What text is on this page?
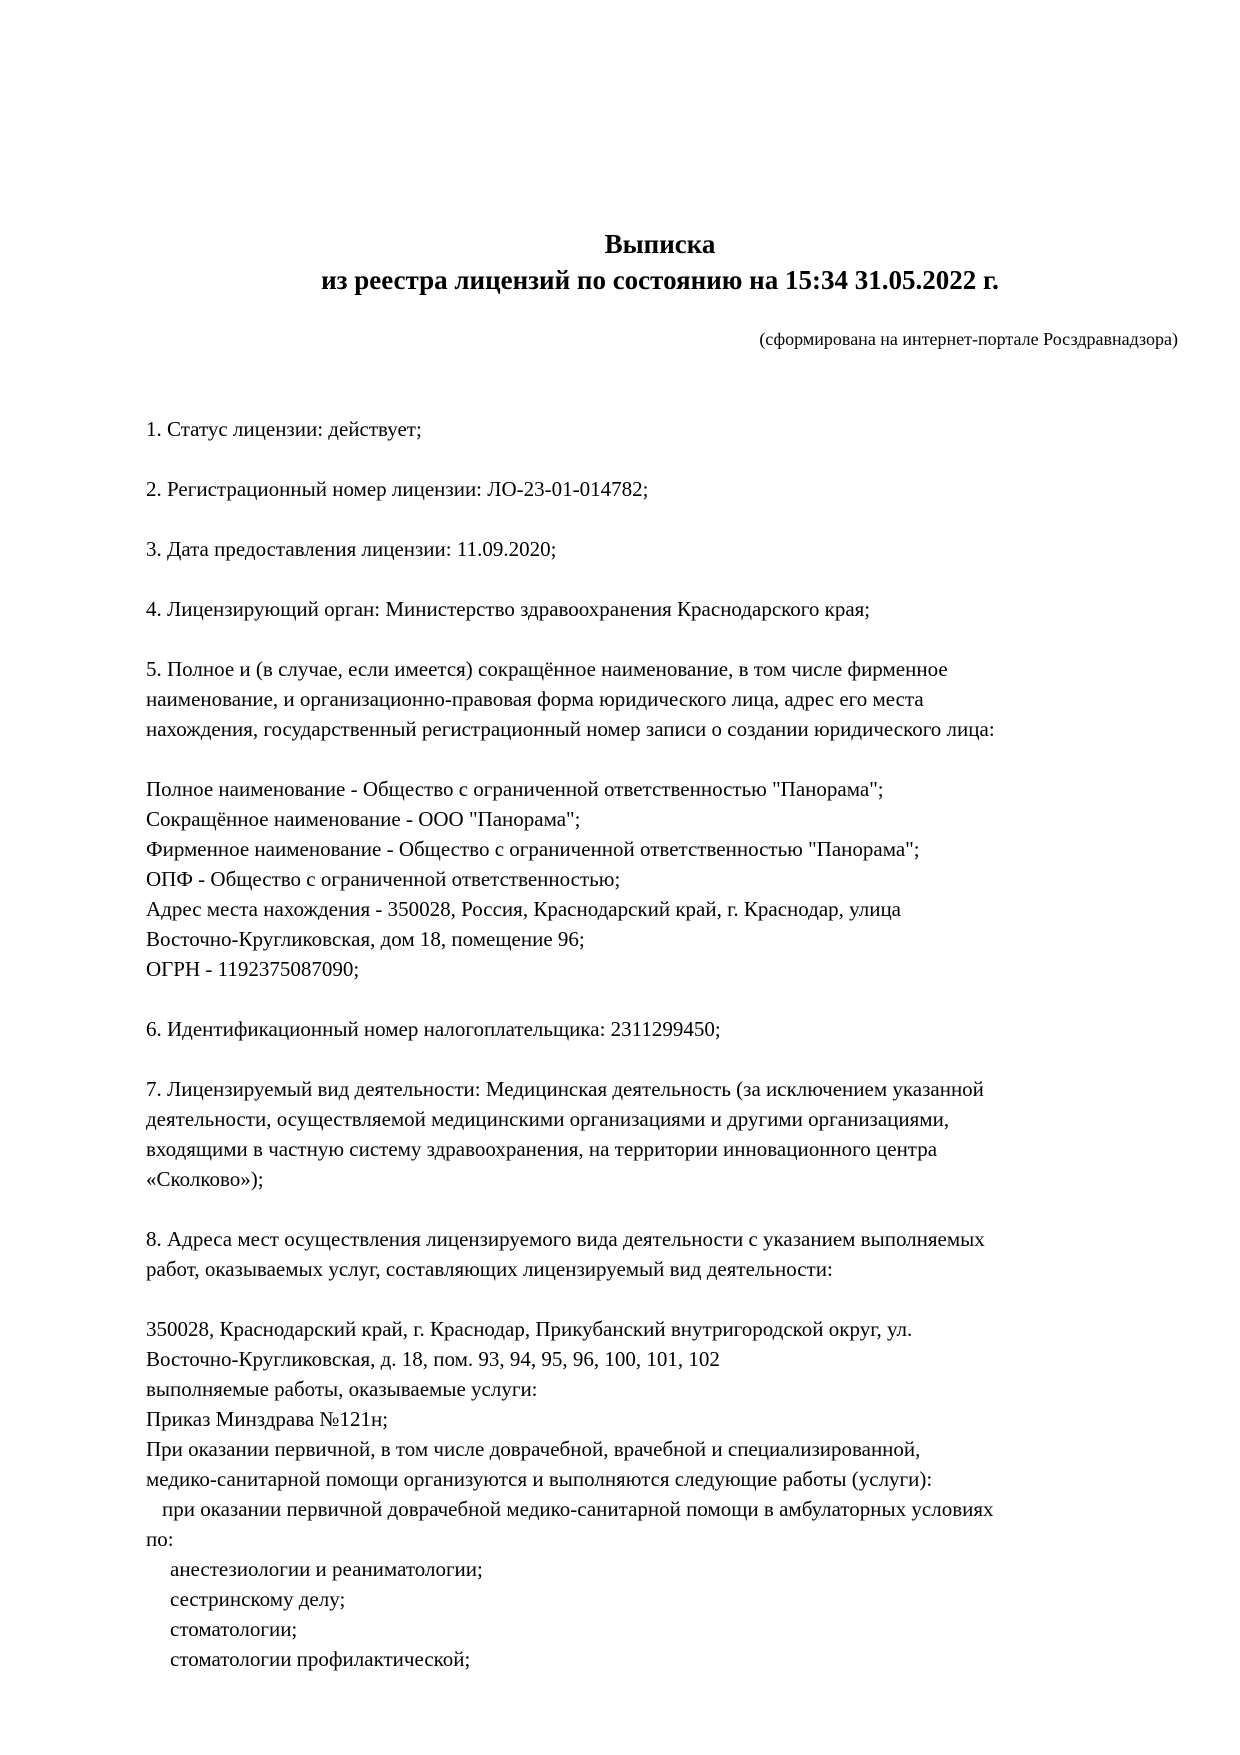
Выписка
из реестра лицензий по состоянию на 15:34 31.05.2022 г.
(сформирована на интернет-портале Росздравнадзора)
1. Статус лицензии: действует;
2. Регистрационный номер лицензии: ЛО-23-01-014782;
3. Дата предоставления лицензии: 11.09.2020;
4. Лицензирующий орган: Министерство здравоохранения Краснодарского края;
5. Полное и (в случае, если имеется) сокращённое наименование, в том числе фирменное
наименование, и организационно-правовая форма юридического лица, адрес его места
нахождения, государственный регистрационный номер записи о создании юридического лица:
Полное наименование - Общество с ограниченной ответственностью "Панорама";
Сокращённое наименование - ООО "Панорама";
Фирменное наименование - Общество с ограниченной ответственностью "Панорама";
ОПФ - Общество с ограниченной ответственностью;
Адрес места нахождения - 350028, Россия, Краснодарский край, г. Краснодар, улица
Восточно-Кругликовская, дом 18, помещение 96;
ОГРН - 1192375087090;
6. Идентификационный номер налогоплательщика: 2311299450;
7. Лицензируемый вид деятельности: Медицинская деятельность (за исключением указанной
деятельности, осуществляемой медицинскими организациями и другими организациями,
входящими в частную систему здравоохранения, на территории инновационного центра
«Сколково»);
8. Адреса мест осуществления лицензируемого вида деятельности с указанием выполняемых
работ, оказываемых услуг, составляющих лицензируемый вид деятельности:
350028, Краснодарский край, г. Краснодар, Прикубанский внутригородской округ, ул.
Восточно-Кругликовская, д. 18, пом. 93, 94, 95, 96, 100, 101, 102
выполняемые работы, оказываемые услуги:
Приказ Минздрава №121н;
При оказании первичной, в том числе доврачебной, врачебной и специализированной,
медико-санитарной помощи организуются и выполняются следующие работы (услуги):
при оказании первичной доврачебной медико-санитарной помощи в амбулаторных условиях
по:
анестезиологии и реаниматологии;
сестринскому делу;
стоматологии;
стоматологии профилактической;
